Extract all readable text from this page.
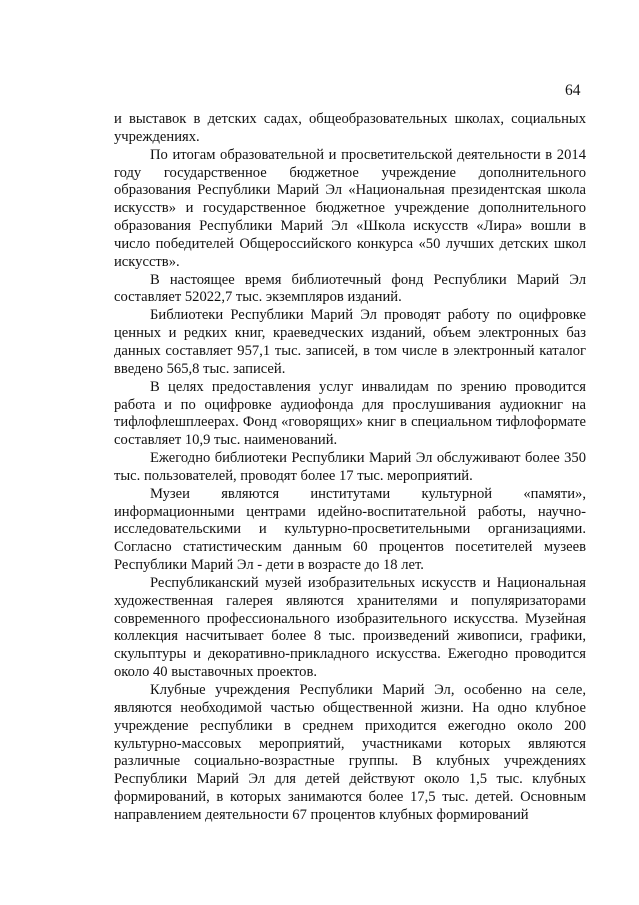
64

и выставок в детских садах, общеобразовательных школах, социальных учреждениях.

По итогам образовательной и просветительской деятельности в 2014 году государственное бюджетное учреждение дополнительного образования Республики Марий Эл «Национальная президентская школа искусств» и государственное бюджетное учреждение дополнительного образования Республики Марий Эл «Школа искусств «Лира» вошли в число победителей Общероссийского конкурса «50 лучших детских школ искусств».

В настоящее время библиотечный фонд Республики Марий Эл составляет 52022,7 тыс. экземпляров изданий.

Библиотеки Республики Марий Эл проводят работу по оцифровке ценных и редких книг, краеведческих изданий, объем электронных баз данных составляет 957,1 тыс. записей, в том числе в электронный каталог введено 565,8 тыс. записей.

В целях предоставления услуг инвалидам по зрению проводится работа и по оцифровке аудиофонда для прослушивания аудиокниг на тифлофлешплеерах. Фонд «говорящих» книг в специальном тифлоформате составляет 10,9 тыс. наименований.

Ежегодно библиотеки Республики Марий Эл обслуживают более 350 тыс. пользователей, проводят более 17 тыс. мероприятий.

Музеи являются институтами культурной «памяти», информационными центрами идейно-воспитательной работы, научно-исследовательскими и культурно-просветительными организациями. Согласно статистическим данным 60 процентов посетителей музеев Республики Марий Эл - дети в возрасте до 18 лет.

Республиканский музей изобразительных искусств и Национальная художественная галерея являются хранителями и популяризаторами современного профессионального изобразительного искусства. Музейная коллекция насчитывает более 8 тыс. произведений живописи, графики, скульптуры и декоративно-прикладного искусства. Ежегодно проводится около 40 выставочных проектов.

Клубные учреждения Республики Марий Эл, особенно на селе, являются необходимой частью общественной жизни. На одно клубное учреждение республики в среднем приходится ежегодно около 200 культурно-массовых мероприятий, участниками которых являются различные социально-возрастные группы. В клубных учреждениях Республики Марий Эл для детей действуют около 1,5 тыс. клубных формирований, в которых занимаются более 17,5 тыс. детей. Основным направлением деятельности 67 процентов клубных формирований
